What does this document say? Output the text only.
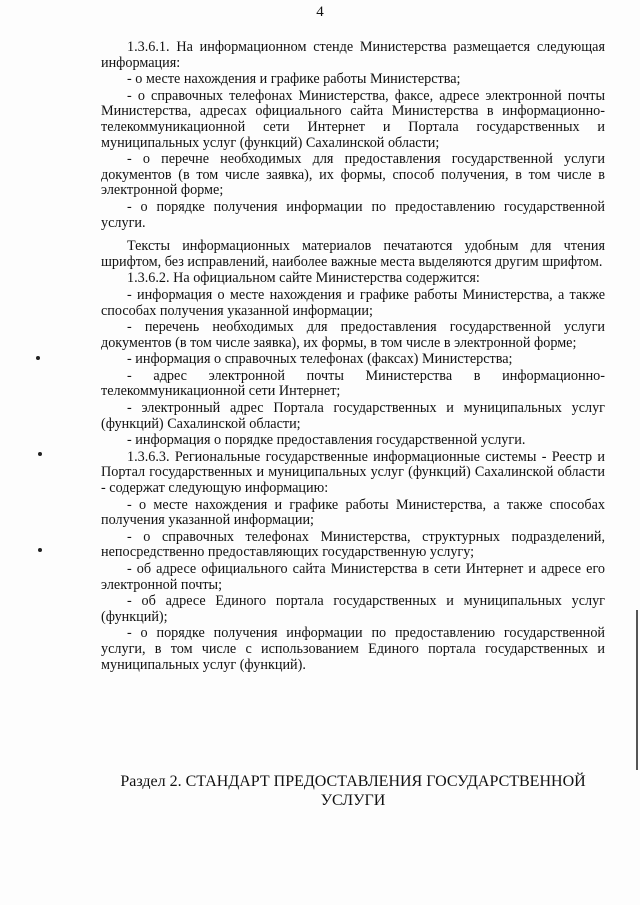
4

1.3.6.1. На информационном стенде Министерства размещается следующая информация:

- о месте нахождения и графике работы Министерства;

- о справочных телефонах Министерства, факсе, адресе электронной почты Министерства, адресах официального сайта Министерства в информационно-телекоммуникационной сети Интернет и Портала государственных и муниципальных услуг (функций) Сахалинской области;

- о перечне необходимых для предоставления государственной услуги документов (в том числе заявка), их формы, способ получения, в том числе в электронной форме;

- о порядке получения информации по предоставлению государственной услуги.

Тексты информационных материалов печатаются удобным для чтения шрифтом, без исправлений, наиболее важные места выделяются другим шрифтом.

1.3.6.2. На официальном сайте Министерства содержится:

- информация о месте нахождения и графике работы Министерства, а также способах получения указанной информации;

- перечень необходимых для предоставления государственной услуги документов (в том числе заявка), их формы, в том числе в электронной форме;

- информация о справочных телефонах (факсах) Министерства;

- адрес электронной почты Министерства в информационно-телекоммуникационной сети Интернет;

- электронный адрес Портала государственных и муниципальных услуг (функций) Сахалинской области;

- информация о порядке предоставления государственной услуги.

1.3.6.3. Региональные государственные информационные системы - Реестр и Портал государственных и муниципальных услуг (функций) Сахалинской области - содержат следующую информацию:

- о месте нахождения и графике работы Министерства, а также способах получения указанной информации;

- о справочных телефонах Министерства, структурных подразделений, непосредственно предоставляющих государственную услугу;

- об адресе официального сайта Министерства в сети Интернет и адресе его электронной почты;

- об адресе Единого портала государственных и муниципальных услуг (функций);

- о порядке получения информации по предоставлению государственной услуги, в том числе с использованием Единого портала государственных и муниципальных услуг (функций).

Раздел 2. СТАНДАРТ ПРЕДОСТАВЛЕНИЯ ГОСУДАРСТВЕННОЙ
УСЛУГИ
